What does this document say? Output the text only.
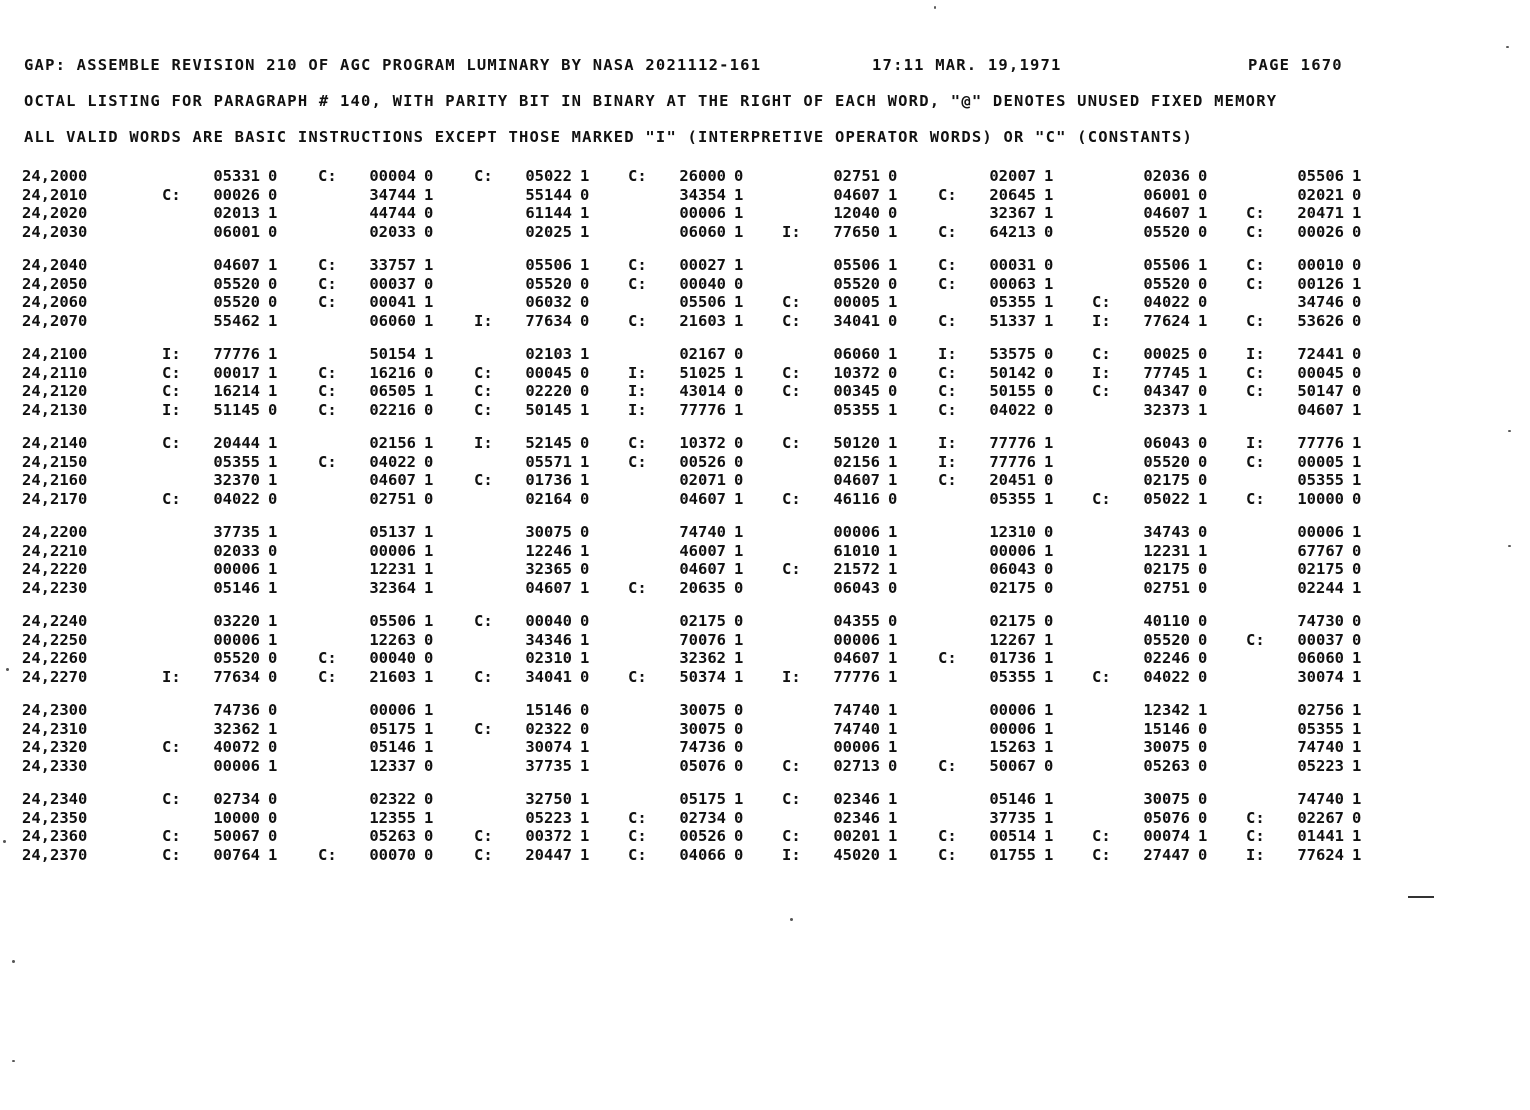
GAP: ASSEMBLE REVISION 210 OF AGC PROGRAM LUMINARY BY NASA 2021112-161	17:11 MAR. 19,1971	PAGE 1670
OCTAL LISTING FOR PARAGRAPH # 140, WITH PARITY BIT IN BINARY AT THE RIGHT OF EACH WORD, "@" DENOTES UNUSED FIXED MEMORY
ALL VALID WORDS ARE BASIC INSTRUCTIONS EXCEPT THOSE MARKED "I" (INTERPRETIVE OPERATOR WORDS) OR "C" (CONSTANTS)
24,2000	05331 0	C:	00004 0	C:	05022 1 C:	26000 0	02751 0	02007 1	02036 0	05506 1
24,2010	C:	00026 0	34744 1	55144 0	34354 1	04607 1	C:	20645 1	06001 0	02021 0
24,2020	02013 1	44744 0	61144 1	00006 1	12040 0	32367 1	04607 1 C:	20471 1
24,2030	06001 0	02033 0	02025 1	06060 1 I:	77650 1	C:	64213 0	05520 0 C:	00026 0
24,2040	04607 1	C:	33757 1	05506 1 C:	00027 1	05506 1	C:	00031 0	05506 1 C:	00010 0
24,2050	05520 0	C:	00037 0	05520 0 C:	00040 0	05520 0	C:	00063 1	05520 0 C:	00126 1
24,2060	05520 0	C:	00041 1	06032 0	05506 1 C:	00005 1	05355 1 C:	04022 0	34746 0
24,2070	55462 1	06060 1	I:	77634 0 C:	21603 1 C:	34041 0	C:	51337 1 I:	77624 1 C:	53626 0
24,2100	I:	77776 1	50154 1	02103 1	02167 0	06060 1	I:	53575 0 C:	00025 0 I:	72441 0
24,2110	C:	00017 1	C:	16216 0	C:	00045 0 I:	51025 1 C:	10372 0	C:	50142 0 I:	77745 1 C:	00045 0
24,2120	C:	16214 1	C:	06505 1	C:	02220 0 I:	43014 0 C:	00345 0	C:	50155 0 C:	04347 0 C:	50147 0
24,2130	I:	51145 0	C:	02216 0	C:	50145 1 I:	77776 1	05355 1	C:	04022 0	32373 1	04607 1
24,2140	C:	20444 1	02156 1	I:	52145 0 C:	10372 0 C:	50120 1	I:	77776 1	06043 0 I:	77776 1
24,2150	05355 1	C:	04022 0	05571 1 C:	00526 0	02156 1	I:	77776 1	05520 0 C:	00005 1
24,2160	32370 1	04607 1	C:	01736 1	02071 0	04607 1	C:	20451 0	02175 0	05355 1
24,2170	C:	04022 0	02751 0	02164 0	04607 1 C:	46116 0	05355 1 C:	05022 1 C:	10000 0
24,2200	37735 1	05137 1	30075 0	74740 1	00006 1	12310 0	34743 0	00006 1
24,2210	02033 0	00006 1	12246 1	46007 1	61010 1	00006 1	12231 1	67767 0
24,2220	00006 1	12231 1	32365 0	04607 1 C:	21572 1	06043 0	02175 0	02175 0
24,2230	05146 1	32364 1	04607 1 C:	20635 0	06043 0	02175 0	02751 0	02244 1
24,2240	03220 1	05506 1	C:	00040 0	02175 0	04355 0	02175 0	40110 0	74730 0
24,2250	00006 1	12263 0	34346 1	70076 1	00006 1	12267 1	05520 0 C:	00037 0
24,2260	05520 0	C:	00040 0	02310 1	32362 1	04607 1	C:	01736 1	02246 0	06060 1
24,2270	I:	77634 0	C:	21603 1	C:	34041 0 C:	50374 1 I:	77776 1	05355 1 C:	04022 0	30074 1
24,2300	74736 0	00006 1	15146 0	30075 0	74740 1	00006 1	12342 1	02756 1
24,2310	32362 1	05175 1	C:	02322 0	30075 0	74740 1	00006 1	15146 0	05355 1
24,2320	C:	40072 0	05146 1	30074 1	74736 0	00006 1	15263 1	30075 0	74740 1
24,2330	00006 1	12337 0	37735 1	05076 0 C:	02713 0	C:	50067 0	05263 0	05223 1
24,2340	C:	02734 0	02322 0	32750 1	05175 1 C:	02346 1	05146 1	30075 0	74740 1
24,2350	10000 0	12355 1	05223 1 C:	02734 0	02346 1	37735 1	05076 0 C:	02267 0
24,2360	C:	50067 0	05263 0	C:	00372 1 C:	00526 0 C:	00201 1	C:	00514 1 C:	00074 1 C:	01441 1
24,2370	C:	00764 1	C:	00070 0	C:	20447 1 C:	04066 0 I:	45020 1	C:	01755 1 C:	27447 0 I:	77624 1
